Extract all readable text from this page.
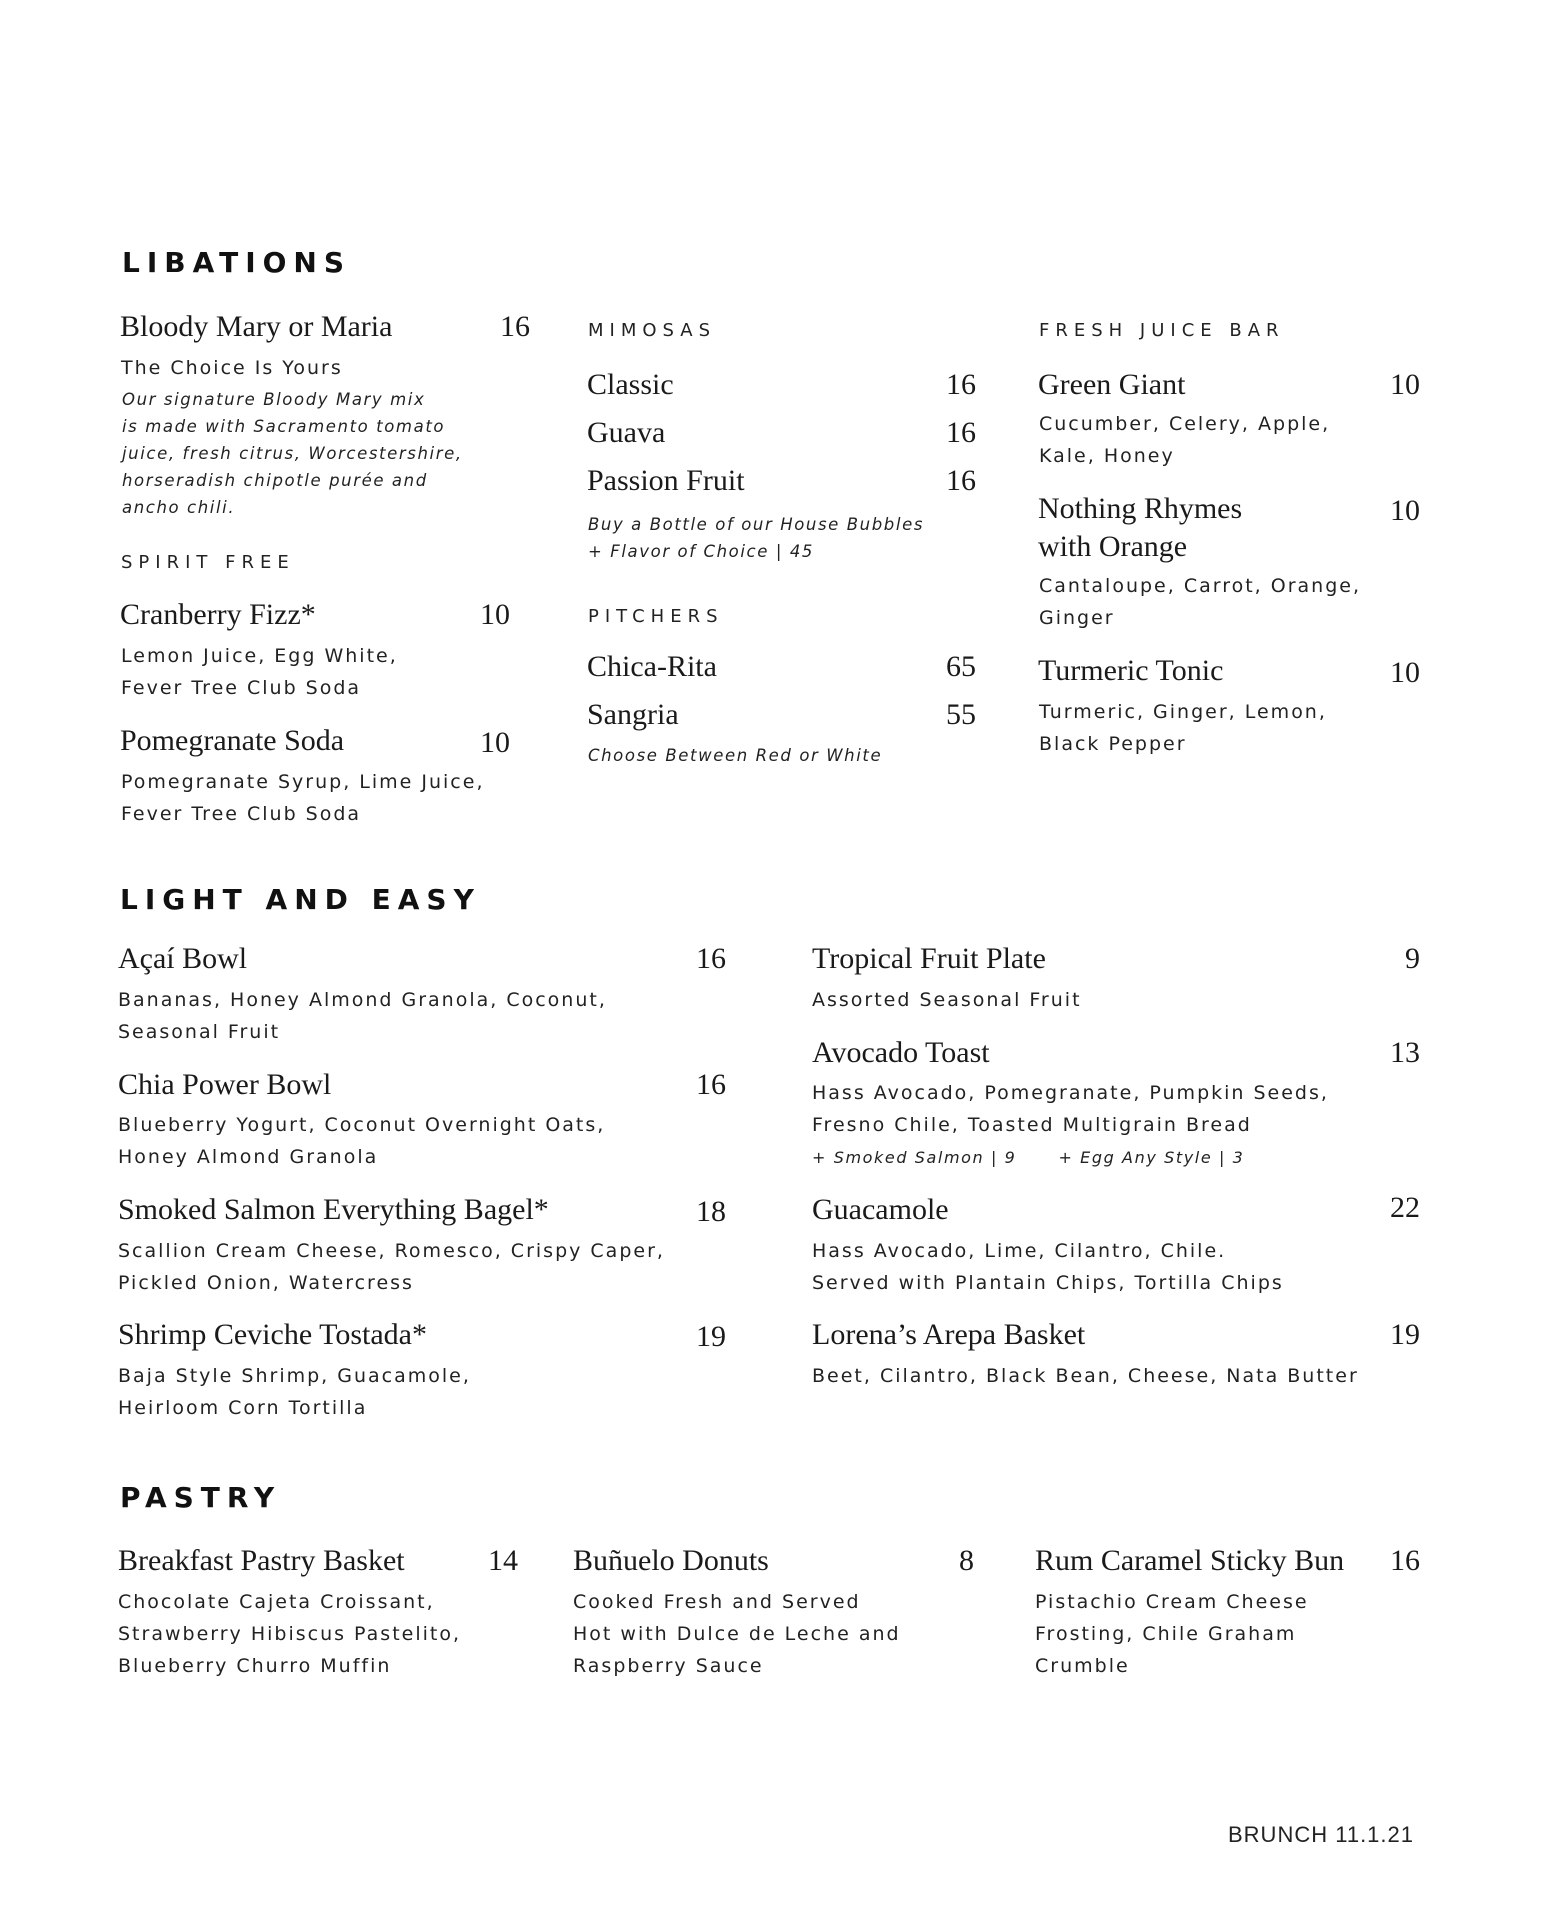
LIBATIONS
Bloody Mary or Maria	16
The Choice Is Yours
Our signature Bloody Mary mix
is made with Sacramento tomato
juice, fresh citrus, Worcestershire,
horseradish chipotle purée and
ancho chili.
SPIRIT FREE
Cranberry Fizz*	10
Lemon Juice, Egg White,
Fever Tree Club Soda
Pomegranate Soda	10
Pomegranate Syrup, Lime Juice,
Fever Tree Club Soda
MIMOSAS
Classic	16
Guava	16
Passion Fruit	16
Buy a Bottle of our House Bubbles
+ Flavor of Choice | 45
PITCHERS
Chica-Rita	65
Sangria	55
Choose Between Red or White
FRESH JUICE BAR
Green Giant	10
Cucumber, Celery, Apple,
Kale, Honey
Nothing Rhymes
with Orange
10
Cantaloupe, Carrot, Orange,
Ginger
Turmeric Tonic	10
Turmeric, Ginger, Lemon,
Black Pepper
LIGHT AND EASY
Açaí Bowl	16
Bananas, Honey Almond Granola, Coconut,
Seasonal Fruit
Chia Power Bowl	16
Blueberry Yogurt, Coconut Overnight Oats,
Honey Almond Granola
Smoked Salmon Everything Bagel*	18
Scallion Cream Cheese, Romesco, Crispy Caper,
Pickled Onion, Watercress
Shrimp Ceviche Tostada*	19
Baja Style Shrimp, Guacamole,
Heirloom Corn Tortilla
Tropical Fruit Plate	9
Assorted Seasonal Fruit
Avocado Toast	13
Hass Avocado, Pomegranate, Pumpkin Seeds,
Fresno Chile, Toasted Multigrain Bread
+ Smoked Salmon | 9	+ Egg Any Style | 3
Guacamole	22
Hass Avocado, Lime, Cilantro, Chile.
Served with Plantain Chips, Tortilla Chips
Lorena’s Arepa Basket	19
Beet, Cilantro, Black Bean, Cheese, Nata Butter
PASTRY
Breakfast Pastry Basket	14
Chocolate Cajeta Croissant,
Strawberry Hibiscus Pastelito,
Blueberry Churro Muffin
Buñuelo Donuts	8
Cooked Fresh and Served
Hot with Dulce de Leche and
Raspberry Sauce
Rum Caramel Sticky Bun	16
Pistachio Cream Cheese
Frosting, Chile Graham
Crumble
BRUNCH 11.1.21
